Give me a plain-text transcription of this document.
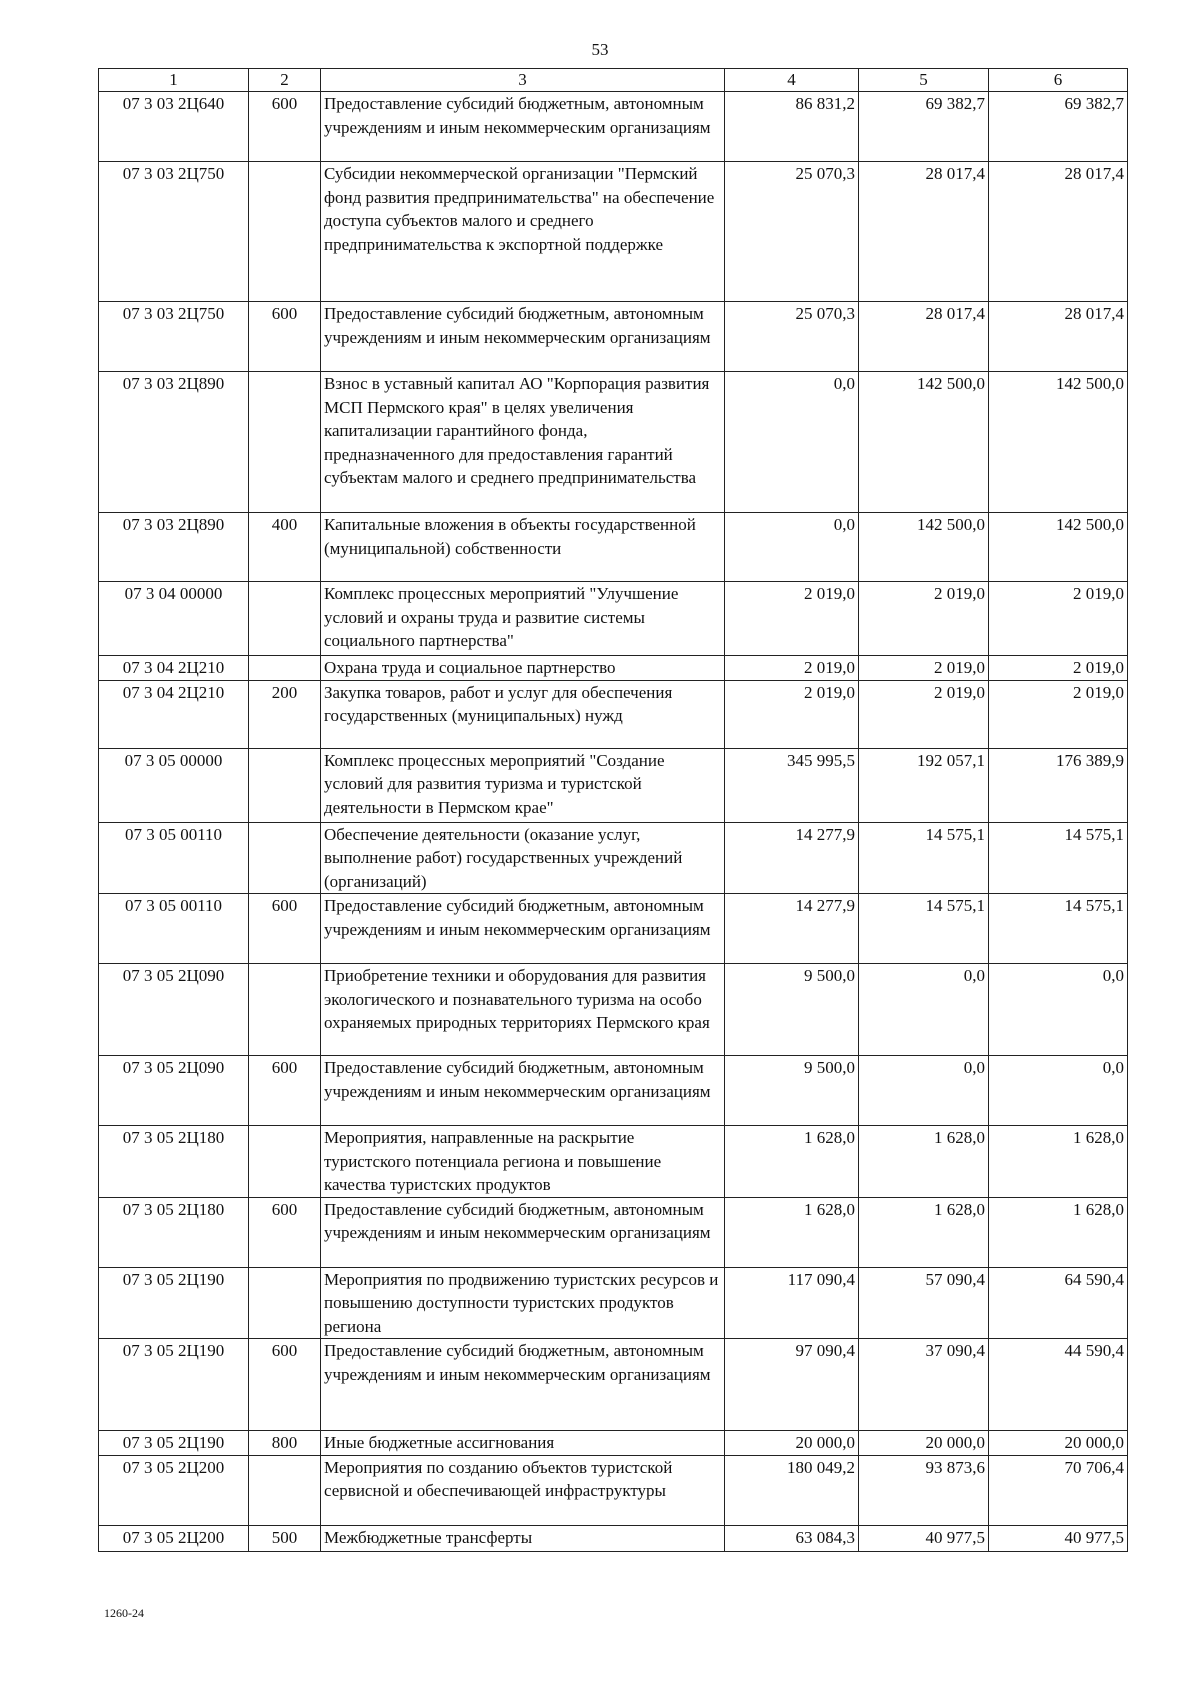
53
1	2	3	4	5	6
07 3 03 2Ц640	600	Предоставление субсидий бюджетным, автономным учреждениям и иным некоммерческим организациям	86 831,2	69 382,7	69 382,7
07 3 03 2Ц750		Субсидии некоммерческой организации "Пермский фонд развития предпринимательства" на обеспечение доступа субъектов малого и среднего предпринимательства к экспортной поддержке	25 070,3	28 017,4	28 017,4
07 3 03 2Ц750	600	Предоставление субсидий бюджетным, автономным учреждениям и иным некоммерческим организациям	25 070,3	28 017,4	28 017,4
07 3 03 2Ц890		Взнос в уставный капитал АО "Корпорация развития МСП Пермского края" в целях увеличения капитализации гарантийного фонда, предназначенного для предоставления гарантий субъектам малого и среднего предпринимательства	0,0	142 500,0	142 500,0
07 3 03 2Ц890	400	Капитальные вложения в объекты государственной (муниципальной) собственности	0,0	142 500,0	142 500,0
07 3 04 00000		Комплекс процессных мероприятий "Улучшение условий и охраны труда и развитие системы социального партнерства"	2 019,0	2 019,0	2 019,0
07 3 04 2Ц210		Охрана труда и социальное партнерство	2 019,0	2 019,0	2 019,0
07 3 04 2Ц210	200	Закупка товаров, работ и услуг для обеспечения государственных (муниципальных) нужд	2 019,0	2 019,0	2 019,0
07 3 05 00000		Комплекс процессных мероприятий "Создание условий для развития туризма и туристской деятельности в Пермском крае"	345 995,5	192 057,1	176 389,9
07 3 05 00110		Обеспечение деятельности (оказание услуг, выполнение работ) государственных учреждений (организаций)	14 277,9	14 575,1	14 575,1
07 3 05 00110	600	Предоставление субсидий бюджетным, автономным учреждениям и иным некоммерческим организациям	14 277,9	14 575,1	14 575,1
07 3 05 2Ц090		Приобретение техники и оборудования для развития экологического и познавательного туризма на особо охраняемых природных территориях Пермского края	9 500,0	0,0	0,0
07 3 05 2Ц090	600	Предоставление субсидий бюджетным, автономным учреждениям и иным некоммерческим организациям	9 500,0	0,0	0,0
07 3 05 2Ц180		Мероприятия, направленные на раскрытие туристского потенциала региона и повышение качества туристских продуктов	1 628,0	1 628,0	1 628,0
07 3 05 2Ц180	600	Предоставление субсидий бюджетным, автономным учреждениям и иным некоммерческим организациям	1 628,0	1 628,0	1 628,0
07 3 05 2Ц190		Мероприятия по продвижению туристских ресурсов и повышению доступности туристских продуктов региона	117 090,4	57 090,4	64 590,4
07 3 05 2Ц190	600	Предоставление субсидий бюджетным, автономным учреждениям и иным некоммерческим организациям	97 090,4	37 090,4	44 590,4
07 3 05 2Ц190	800	Иные бюджетные ассигнования	20 000,0	20 000,0	20 000,0
07 3 05 2Ц200		Мероприятия по созданию объектов туристской сервисной и обеспечивающей инфраструктуры	180 049,2	93 873,6	70 706,4
07 3 05 2Ц200	500	Межбюджетные трансферты	63 084,3	40 977,5	40 977,5
1260-24
